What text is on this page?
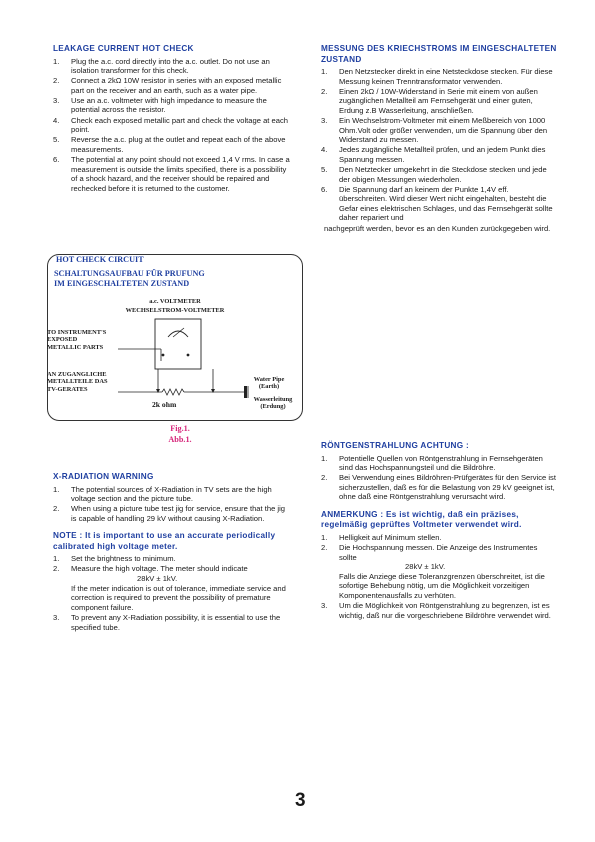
LEAKAGE CURRENT HOT CHECK
1.	Plug the a.c. cord directly into the a.c. outlet. Do not use an isolation transformer for this check.
2.	Connect a 2kΩ 10W resistor in series with an exposed metallic part on the receiver and an earth, such as a water pipe.
3.	Use an a.c. voltmeter with high impedance to measure the potential across the resistor.
4.	Check each exposed metallic part and check the voltage at each point.
5.	Reverse the a.c. plug at the outlet and repeat each of the above measurements.
6.	The potential at any point should not exceed 1,4 V rms. In case a measurement is outside the limits specified, there is a possibility of a shock hazard, and the receiver should be repaired and rechecked before it is returned to the customer.
MESSUNG DES KRIECHSTROMS IM EINGESCHALTETEN ZUSTAND
1.	Den Netzstecker direkt in eine Netsteckdose stecken. Für diese Messung keinen Trenntransformator verwenden.
2.	Einen 2kΩ / 10W-Widerstand in Serie mit einem von außen zugänglichen Metallteil am Fernsehgerät und einer guten, Erdung z.B Wasserleitung, anschließen.
3.	Ein Wechselstrom-Voltmeter mit einem Meßbereich von 1000 Ohm.Volt oder größer verwenden, um die Spannung über den Widerstand zu messen.
4.	Jedes zugängliche Metallteil prüfen, und an jedem Punkt dies Spannung messen.
5.	Den Netztecker umgekehrt in die Steckdose stecken und jede der obigen Messungen wiederholen.
6.	Die Spannung darf an keinem der Punkte 1,4V eff. überschreiten. Wird dieser Wert nicht eingehalten, besteht die Gefar eines elektrischen Schlages, und das Fernsehgerät sollte daher repariert und
nachgeprüft werden, bevor es an den Kunden zurückgegeben wird.
HOT CHECK CIRCUIT
SCHALTUNGSAUFBAU FÜR PRUFUNG
IM EINGESCHALTETEN ZUSTAND
a.c. VOLTMETER
WECHSELSTROM-VOLTMETER
TO INSTRUMENT'S
EXPOSED
METALLIC PARTS
AN ZUGANGLICHE
METALLTEILE DAS
TV-GERATES
2k ohm
Water Pipe
(Earth)
Wasserleitung
(Erdung)
Fig.1.
Abb.1.
X-RADIATION WARNING
1.	The potential sources of X-Radiation in TV sets are the high voltage section and the picture tube.
2.	When using a picture tube test jig for service, ensure that the jig is capable of handling 29 kV without causing X-Radiation.
NOTE : It is important to use an accurate periodically calibrated high voltage meter.
1.	Set the brightness to minimum.
2.	Measure the high voltage. The meter should indicate

28kV ± 1kV.
If the meter indication is out of tolerance, immediate service and correction is required to prevent the possibility of premature component failure.
3.	To prevent any X-Radiation possibility, it is essential to use the specified tube.
RÖNTGENSTRAHLUNG ACHTUNG :
1.	Potentielle Quellen von Röntgenstrahlung in Fernsehgeräten sind das Hochspannungsteil und die Bildröhre.
2.	Bei Verwendung eines Bildröhren-Prüfgerätes für den Service ist sicherzustellen, daß es für die Belastung von 29 kV geeignet ist, ohne daß eine Röntgenstrahlung verursacht wird.
ANMERKUNG : Es ist wichtig, daß ein präzises, regelmäßig geprüftes Voltmeter verwendet wird.
1.	Helligkeit auf Minimum stellen.
2.	Die Hochspannung messen. Die Anzeige des Instrumentes sollte

28kV ± 1kV.
Falls die Anziege diese Toleranzgrenzen überschreitet, ist die sofortige Behebung nötig, um die Möglichkeit vorzeitigen Komponentenausfalls zu verhüten.
3.	Um die Möglichkeit von Röntgenstrahlung zu begrenzen, ist es wichtig, daß nur die vorgeschriebene Bildröhre verwendet wird.
3
